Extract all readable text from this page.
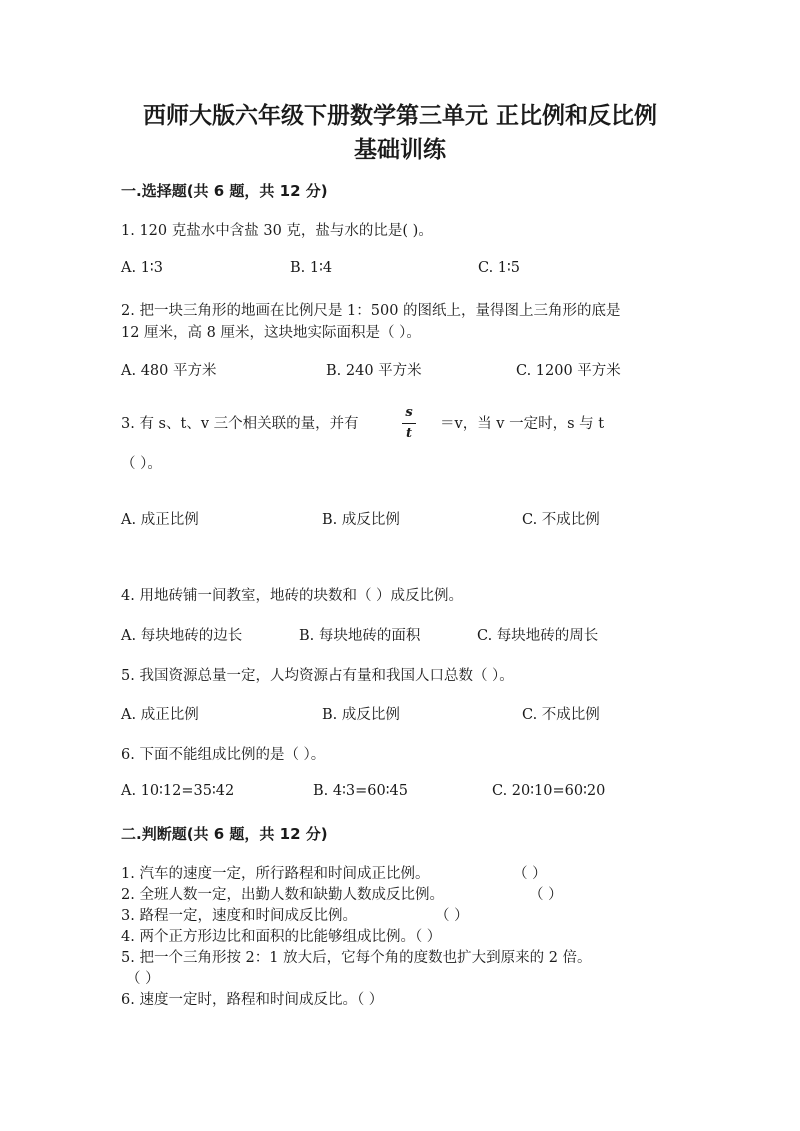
西师大版六年级下册数学第三单元 正比例和反比例
基础训练
一.选择题(共 6 题，共 12 分)
1. 120 克盐水中含盐 30 克，盐与水的比是( )。
A. 1∶3	B. 1∶4	C. 1∶5
2. 把一块三角形的地画在比例尺是 1：500 的图纸上，量得图上三角形的底是
12 厘米，高 8 厘米，这块地实际面积是（ ）。
A. 480 平方米	B. 240 平方米	C. 1200 平方米
3. 有 s、t、v 三个相关联的量，并有
s
t
＝v，当 v 一定时，s 与 t
（ ）。
A. 成正比例	B. 成反比例	C. 不成比例
4. 用地砖铺一间教室，地砖的块数和（ ）成反比例。
A. 每块地砖的边长	B. 每块地砖的面积	C. 每块地砖的周长
5. 我国资源总量一定，人均资源占有量和我国人口总数（ ）。
A. 成正比例	B. 成反比例	C. 不成比例
6. 下面不能组成比例的是（ ）。
A. 10∶12=35∶42	B. 4∶3=60∶45	C. 20∶10=60∶20
二.判断题(共 6 题，共 12 分)
1. 汽车的速度一定，所行路程和时间成正比例。	（ ）
2. 全班人数一定，出勤人数和缺勤人数成反比例。	（ ）
3. 路程一定，速度和时间成反比例。	（ ）
4. 两个正方形边比和面积的比能够组成比例。（ ）
5. 把一个三角形按 2：1 放大后，它每个角的度数也扩大到原来的 2 倍。
（ ）
6. 速度一定时，路程和时间成反比。（ ）
